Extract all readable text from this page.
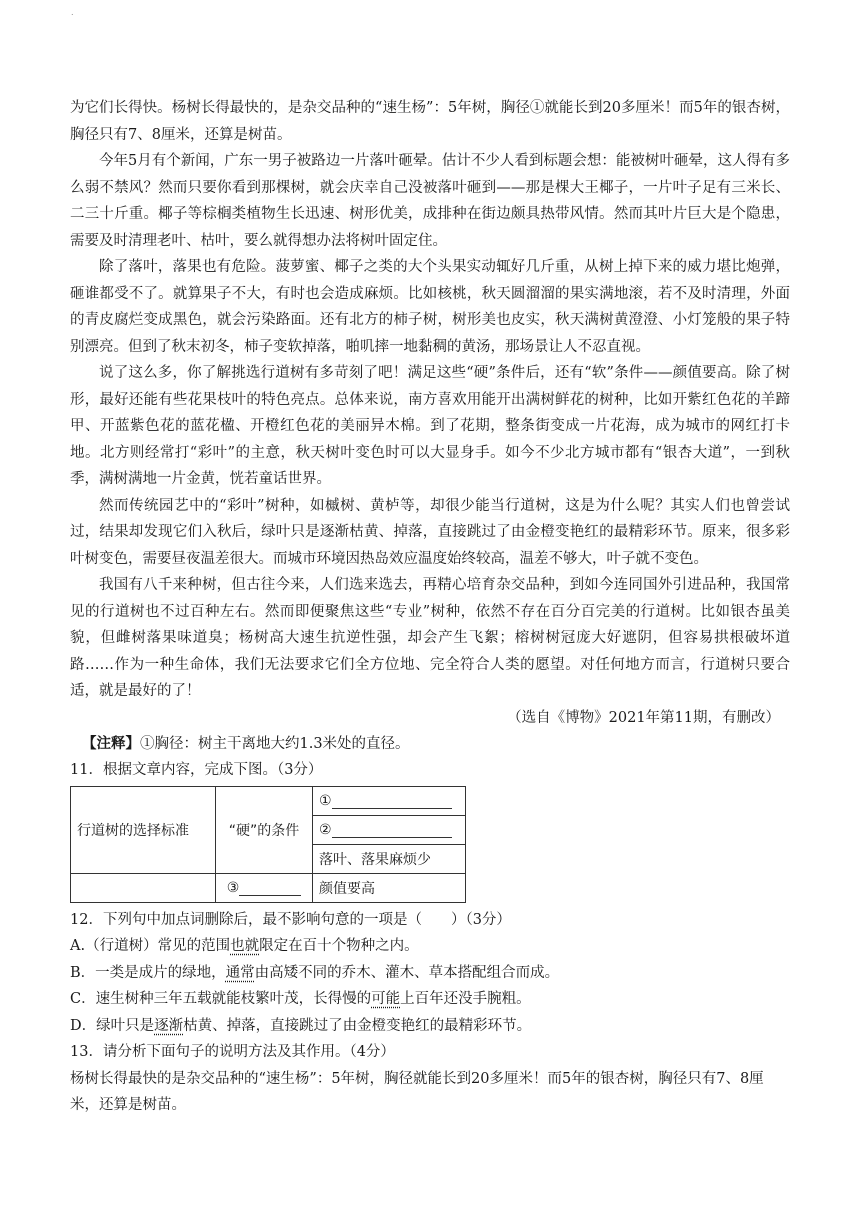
.

为它们长得快。杨树长得最快的，是杂交品种的“速生杨”：5年树，胸径①就能长到20多厘米！而5年的银杏树，胸径只有7、8厘米，还算是树苗。

今年5月有个新闻，广东一男子被路边一片落叶砸晕。估计不少人看到标题会想：能被树叶砸晕，这人得有多么弱不禁风？然而只要你看到那棵树，就会庆幸自己没被落叶砸到——那是棵大王椰子，一片叶子足有三米长、二三十斤重。椰子等棕榈类植物生长迅速、树形优美，成排种在街边颇具热带风情。然而其叶片巨大是个隐患，需要及时清理老叶、枯叶，要么就得想办法将树叶固定住。

除了落叶，落果也有危险。菠萝蜜、椰子之类的大个头果实动辄好几斤重，从树上掉下来的威力堪比炮弹，砸谁都受不了。就算果子不大，有时也会造成麻烦。比如核桃，秋天圆溜溜的果实满地滚，若不及时清理，外面的青皮腐烂变成黑色，就会污染路面。还有北方的柿子树，树形美也皮实，秋天满树黄澄澄、小灯笼般的果子特别漂亮。但到了秋末初冬，柿子变软掉落，啪叽摔一地黏稠的黄汤，那场景让人不忍直视。

说了这么多，你了解挑选行道树有多苛刻了吧！满足这些“硬”条件后，还有“软”条件——颜值要高。除了树形，最好还能有些花果枝叶的特色亮点。总体来说，南方喜欢用能开出满树鲜花的树种，比如开紫红色花的羊蹄甲、开蓝紫色花的蓝花楹、开橙红色花的美丽异木棉。到了花期，整条街变成一片花海，成为城市的网红打卡地。北方则经常打“彩叶”的主意，秋天树叶变色时可以大显身手。如今不少北方城市都有“银杏大道”，一到秋季，满树满地一片金黄，恍若童话世界。

然而传统园艺中的“彩叶”树种，如槭树、黄栌等，却很少能当行道树，这是为什么呢？其实人们也曾尝试过，结果却发现它们入秋后，绿叶只是逐渐枯黄、掉落，直接跳过了由金橙变艳红的最精彩环节。原来，很多彩叶树变色，需要昼夜温差很大。而城市环境因热岛效应温度始终较高，温差不够大，叶子就不变色。

我国有八千来种树，但古往今来，人们选来选去，再精心培育杂交品种，到如今连同国外引进品种，我国常见的行道树也不过百种左右。然而即便聚焦这些“专业”树种，依然不存在百分百完美的行道树。比如银杏虽美貌，但雌树落果味道臭；杨树高大速生抗逆性强，却会产生飞絮；榕树树冠庞大好遮阴，但容易拱根破坏道路……作为一种生命体，我们无法要求它们全方位地、完全符合人类的愿望。对任何地方而言，行道树只要合适，就是最好的了！

（选自《博物》2021年第11期，有删改）

【注释】①胸径：树主干离地大约1.3米处的直径。

11．根据文章内容，完成下图。（3分）

行道树的选择标准	“硬”的条件	①
		②
		落叶、落果麻烦少
	③	颜值要高

12．下列句中加点词删除后，最不影响句意的一项是（　　）（3分）

A.（行道树）常见的范围也就限定在百十个物种之内。

B．一类是成片的绿地，通常由高矮不同的乔木、灌木、草本搭配组合而成。

C．速生树种三年五载就能枝繁叶茂，长得慢的可能上百年还没手腕粗。

D．绿叶只是逐渐枯黄、掉落，直接跳过了由金橙变艳红的最精彩环节。

13．请分析下面句子的说明方法及其作用。（4分）

杨树长得最快的是杂交品种的“速生杨”：5年树，胸径就能长到20多厘米！而5年的银杏树，胸径只有7、8厘米，还算是树苗。
